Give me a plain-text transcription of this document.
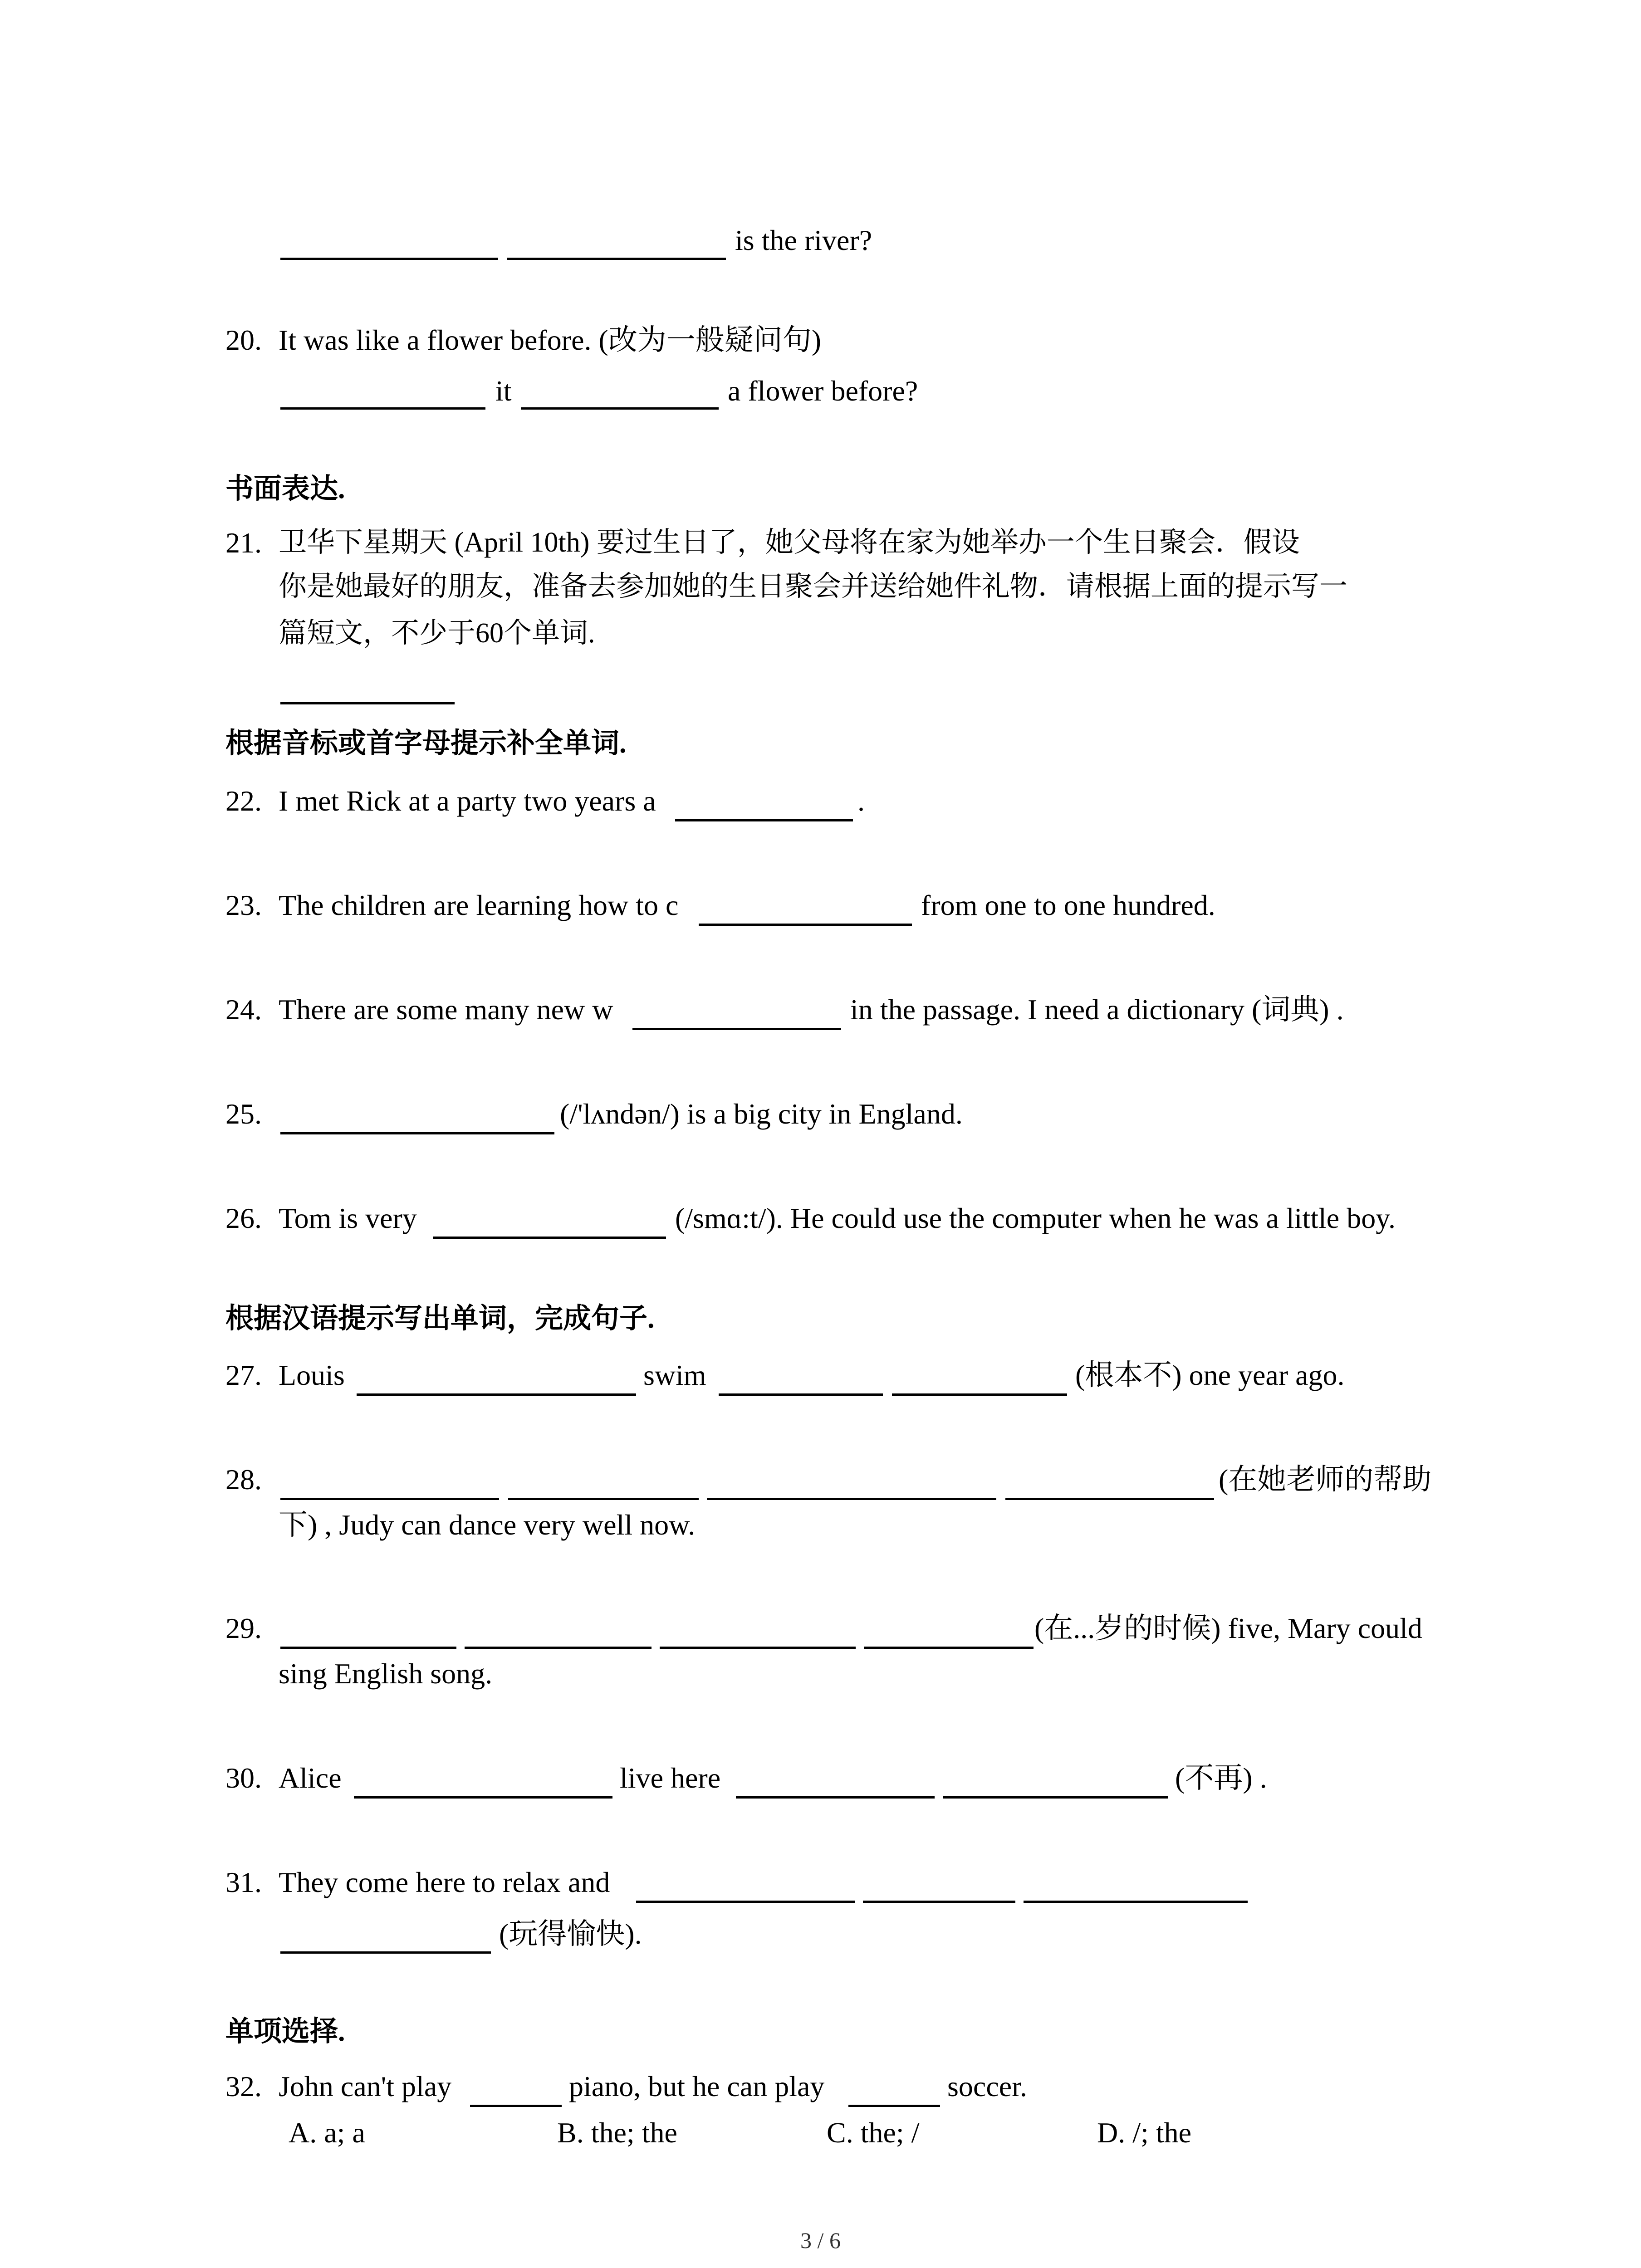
is the river?
20. It was like a flower before. (改为一般疑问句)
it	a flower before?
书面表达.
21. 卫华下星期天 (April 10th) 要过生日了，她父母将在家为她举办一个生日聚会．假设
你是她最好的朋友，准备去参加她的生日聚会并送给她件礼物．请根据上面的提示写一
篇短文，不少于60个单词.
根据音标或首字母提示补全单词.
22. I met Rick at a party two years a	.
23. The children are learning how to c	from one to one hundred.
24. There are some many new w	in the passage. I need a dictionary (词典) .
25.	(/'lʌndən/) is a big city in England.
26. Tom is very	(/smɑ:t/). He could use the computer when he was a little boy.
根据汉语提示写出单词，完成句子.
27. Louis	swim	(根本不) one year ago.
28.	(在她老师的帮助
下) , Judy can dance very well now.
29.	(在...岁的时候) five, Mary could
sing English song.
30. Alice	live here	(不再) .
31. They come here to relax and
(玩得愉快).
单项选择.
32. John can't play	piano, but he can play	soccer.
A. a; a	B. the; the	C. the; /	D. /; the
3 / 6
